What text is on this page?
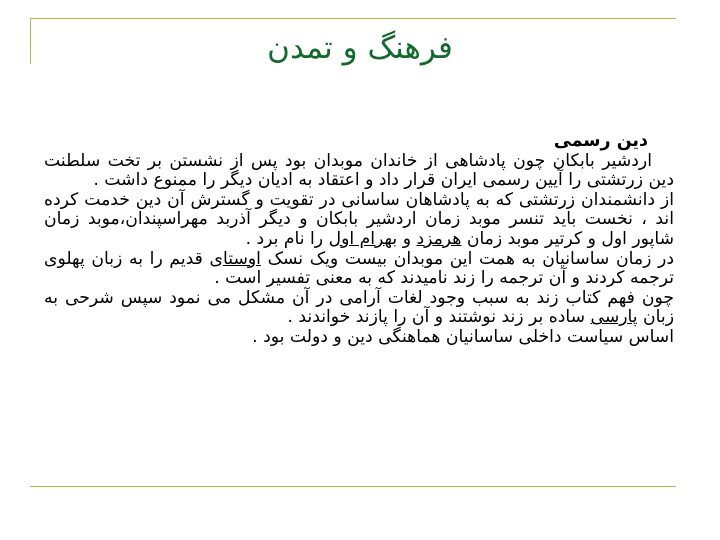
فرهنگ و تمدن

دین رسمی

اردشیر بابکان چون پادشاهی از خاندان موبدان بود پس از نشستن بر تخت سلطنت دین زرتشتی را آیین رسمی ایران قرار داد و اعتقاد به ادیان دیگر را ممنوع داشت .

از دانشمندان زرتشتی که به پادشاهان ساسانی در تقویت و گسترش آن دین خدمت کرده اند ، نخست باید تنسر موبد زمان اردشیر بابکان و دیگر آذربد مهراسپندان،موبد زمان شاپور اول و کرتیر موبد زمان هرمزد و بهرام اول را نام برد .

در زمان ساسانیان به همت این موبدان بیست ویک نسک اوستای قدیم را به زبان پهلوی ترجمه کردند و آن ترجمه را زند نامیدند که به معنی تفسیر است .

چون فهم کتاب زند به سبب وجود لغات آرامی در آن مشکل می نمود سپس شرحی به زبان پارسی ساده بر زند نوشتند و آن را پازند خواندند .

اساس سیاست داخلی ساسانیان هماهنگی دین و دولت بود .
